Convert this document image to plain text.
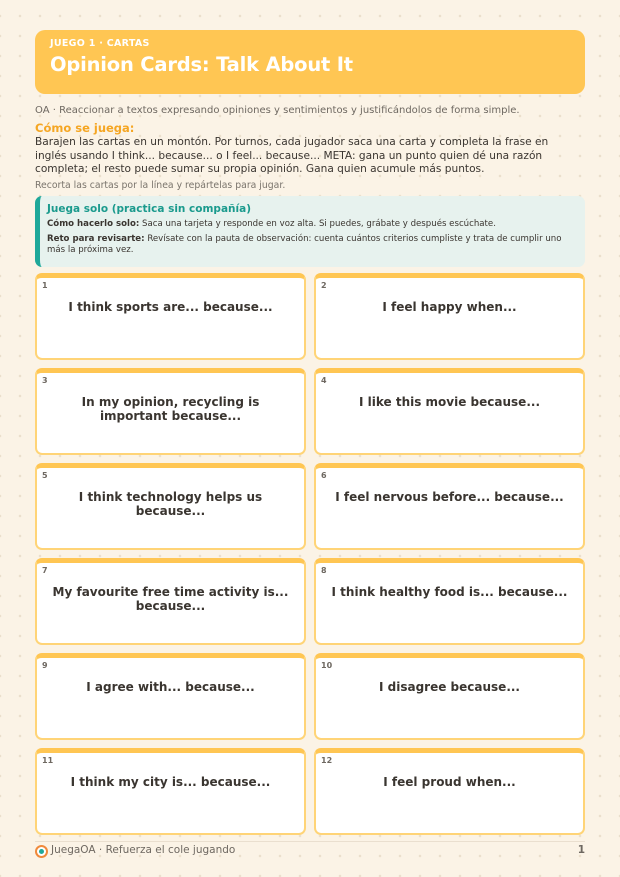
JUEGO 1 · CARTAS
Opinion Cards: Talk About It
OA · Reaccionar a textos expresando opiniones y sentimientos y justificándolos de forma simple.
Cómo se juega:
Barajen las cartas en un montón. Por turnos, cada jugador saca una carta y completa la frase en inglés usando I think... because... o I feel... because... META: gana un punto quien dé una razón completa; el resto puede sumar su propia opinión. Gana quien acumule más puntos.
Recorta las cartas por la línea y repártelas para jugar.
Juega solo (practica sin compañía)
Cómo hacerlo solo: Saca una tarjeta y responde en voz alta. Si puedes, grábate y después escúchate.
Reto para revisarte: Revísate con la pauta de observación: cuenta cuántos criterios cumpliste y trata de cumplir uno más la próxima vez.
1
I think sports are... because...
2
I feel happy when...
3
In my opinion, recycling is important because...
4
I like this movie because...
5
I think technology helps us because...
6
I feel nervous before... because...
7
My favourite free time activity is... because...
8
I think healthy food is... because...
9
I agree with... because...
10
I disagree because...
11
I think my city is... because...
12
I feel proud when...
JuegaOA · Refuerza el cole jugando	1
